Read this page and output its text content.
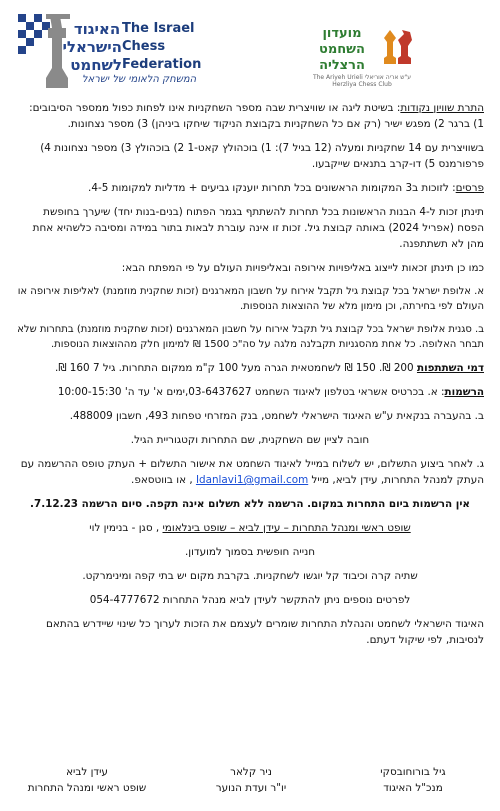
האיגוד The Israel
הישראלי Chess
לשחמט Federation
המשחק הלאומי של ישראל
מועדון
השחמט
הרצליה
ע"ש אריה אוריאלי The Ariyeh Urieli Herzliya Chess Club

התרת שוויון נקודות: בשיטת ליגה או שוויצרית שבה מספר השחקניות אינו לפחות כפול ממספר הסיבובים: 1) ברגר 2) מפגש ישיר (רק אם כל השחקניות בקבוצת הניקוד שיחקו ביניהן) 3) מספר נצחונות.

בשוויצרית עם 14 שחקניות ומעלה (12 בגיל 7): 1) בוכהולץ קאט-1 2) בוכהולץ 3) מספר נצחונות 4) פרפורמנס 5) דו-קרב בתנאים שייקבעו.

פרסים: לזוכות ב3 המקומות הראשונים בכל תחרות יוענקו גביעים + מדליות למקומות 4-5.

תינתן זכות ל-4 הבנות הראשונות בכל תחרות להשתתף בגמר הפתוח (בנים-בנות יחד) שיערך בחופשת הפסח (אפריל 2024) באותה קבוצת גיל. זכות זו אינה עוברת לבאות בתור במידה ומסיבה כלשהיא אחת מהן לא תשתתפנה.

כמו כן תינתן זכאות לייצוג באליפויות אירופה ובאליפויות העולם על פי המפתח הבא:

א. אלופת ישראל בכל קבוצת גיל תקבל אירוח על חשבון המארגנים (זכות שחקנית מוזמנת) לאליפות אירופה או העולם לפי בחירתה, וכן מימון מלא של ההוצאות הנוספות.

ב. סגנית אלופת ישראל בכל קבוצת גיל תקבל אירוח על חשבון המארגנים (זכות שחקנית מוזמנת) בתחרות שלא תבחר האלופה. כל אחת מהסגניות תקבלנה מלגה על סה"כ 1500 ₪ למימון חלק מההוצאות הנוספות.

דמי השתתפות 200 ₪. 150 ₪ לשחמטאית הגרה מעל 100 ק"מ ממקום התחרות. גיל 7 160 ₪.

הרשמות: א. בכרטיס אשראי בטלפון לאיגוד השחמט 03-6437627,ימים א' עד ה' 10:00-15:30

ב. בהעברה בנקאית ע"ש האיגוד הישראלי לשחמט, בנק המזרחי טפחות 493, חשבון 488009.

חובה לציין שם השחקנית, שם התחרות וקטגוריית הגיל.

ג. לאחר ביצוע התשלום, יש לשלוח במייל לאיגוד השחמט את אישור התשלום + העתק טופס ההרשמה עם העתק למנהל התחרות, עידן לביא, מייל Idanlavi1@gmail.com , או בווטסאפ.

אין הרשמות ביום התחרות במקום. הרשמה ללא תשלום אינה תקפה. סיום הרשמה 7.12.23.

שופט ראשי ומנהל התחרות – עידן לביא – שופט בינלאומי , סגן - בנימין לוי

חנייה חופשית בסמוך למועדון.

שתיה קרה וכיבוד קל יוגשו לשחקניות. בקרבת מקום יש בתי קפה ומינימרקט.

לפרטים נוספים ניתן להתקשר לעידן לביא מנהל התחרות 054-4777672

האיגוד הישראלי לשחמט והנהלת התחרות שומרים לעצמם את הזכות לערוך כל שינוי שיידרש בהתאם לנסיבות, לפי שיקול דעתם.

גיל בורוחובסקי
מנכ"ל האיגוד
ניר קלאר
יו"ר ועדת הנוער
עידן לביא
שופט ראשי ומנהל התחרות
